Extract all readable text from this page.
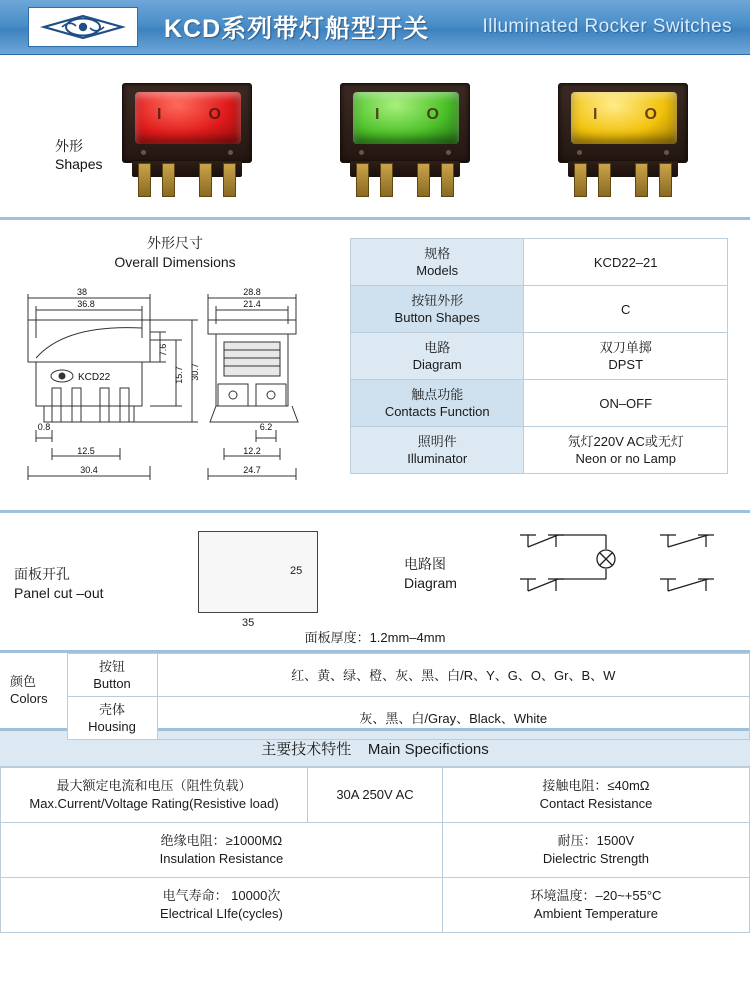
KCD系列带灯船型开关	Illuminated Rocker Switches
外形
Shapes
I	O	I	O	I	O
外形尺寸
Overall Dimensions
KCD22
38
36.8
7.6
15.7 30.7
0.8
12.5
30.4
28.8
21.4
6.2
12.2
24.7
规格
Models	KCD22–21

按钮外形
Button Shapes	C

电路
Diagram	双刀单掷
DPST

触点功能
Contacts Function	ON–OFF

照明件
Illuminator	氖灯220V AC或无灯
Neon or no Lamp
面板开孔
Panel cut –out
35
25	电路图
Diagram
面板厚度：1.2mm–4mm
颜色
Colors
按钮
Button	红、黄、绿、橙、灰、黑、白/R、Y、G、O、Gr、B、W

壳体
Housing	灰、黑、白/Gray、Black、White
主要技术特性 Main Specifictions
最大额定电流和电压（阻性负载）
Max.Current/Voltage Rating(Resistive load)	30A 250V AC	接触电阻：≤40mΩ
Contact Resistance

绝缘电阻：≥1000MΩ
Insulation Resistance		耐压：1500V
Dielectric Strength

电气寿命： 10000次
Electrical LIfe(cycles)		环境温度：–20~+55°C
Ambient Temperature
